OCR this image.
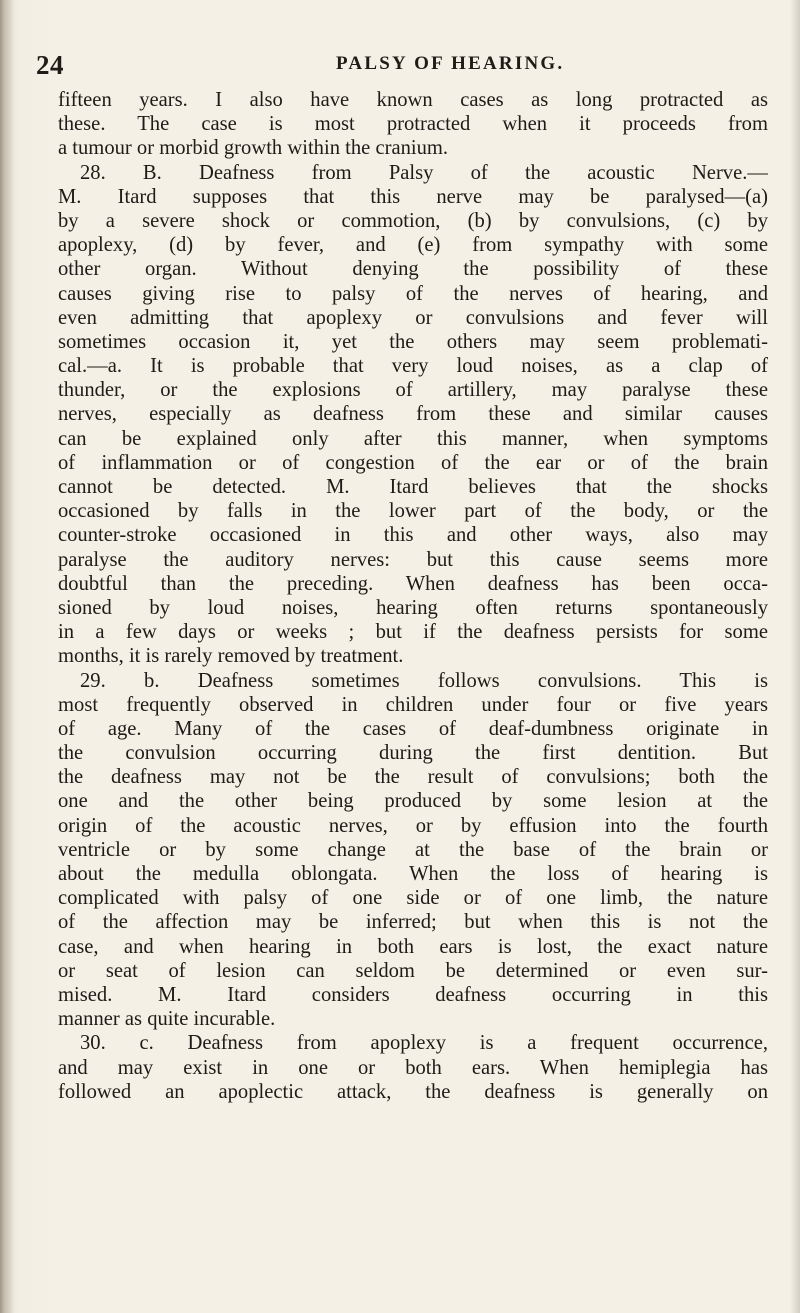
24	PALSY OF HEARING.
fifteen years. I also have known cases as long protracted as
these. The case is most protracted when it proceeds from
a tumour or morbid growth within the cranium.
28. B. Deafness from Palsy of the acoustic Nerve.—
M. Itard supposes that this nerve may be paralysed—(a)
by a severe shock or commotion, (b) by convulsions, (c) by
apoplexy, (d) by fever, and (e) from sympathy with some
other organ. Without denying the possibility of these
causes giving rise to palsy of the nerves of hearing, and
even admitting that apoplexy or convulsions and fever will
sometimes occasion it, yet the others may seem problemati-
cal.—a. It is probable that very loud noises, as a clap of
thunder, or the explosions of artillery, may paralyse these
nerves, especially as deafness from these and similar causes
can be explained only after this manner, when symptoms
of inflammation or of congestion of the ear or of the brain
cannot be detected. M. Itard believes that the shocks
occasioned by falls in the lower part of the body, or the
counter-stroke occasioned in this and other ways, also may
paralyse the auditory nerves: but this cause seems more
doubtful than the preceding. When deafness has been occa-
sioned by loud noises, hearing often returns spontaneously
in a few days or weeks ; but if the deafness persists for some
months, it is rarely removed by treatment.
29. b. Deafness sometimes follows convulsions. This is
most frequently observed in children under four or five years
of age. Many of the cases of deaf-dumbness originate in
the convulsion occurring during the first dentition. But
the deafness may not be the result of convulsions; both the
one and the other being produced by some lesion at the
origin of the acoustic nerves, or by effusion into the fourth
ventricle or by some change at the base of the brain or
about the medulla oblongata. When the loss of hearing is
complicated with palsy of one side or of one limb, the nature
of the affection may be inferred; but when this is not the
case, and when hearing in both ears is lost, the exact nature
or seat of lesion can seldom be determined or even sur-
mised. M. Itard considers deafness occurring in this
manner as quite incurable.
30. c. Deafness from apoplexy is a frequent occurrence,
and may exist in one or both ears. When hemiplegia has
followed an apoplectic attack, the deafness is generally on
